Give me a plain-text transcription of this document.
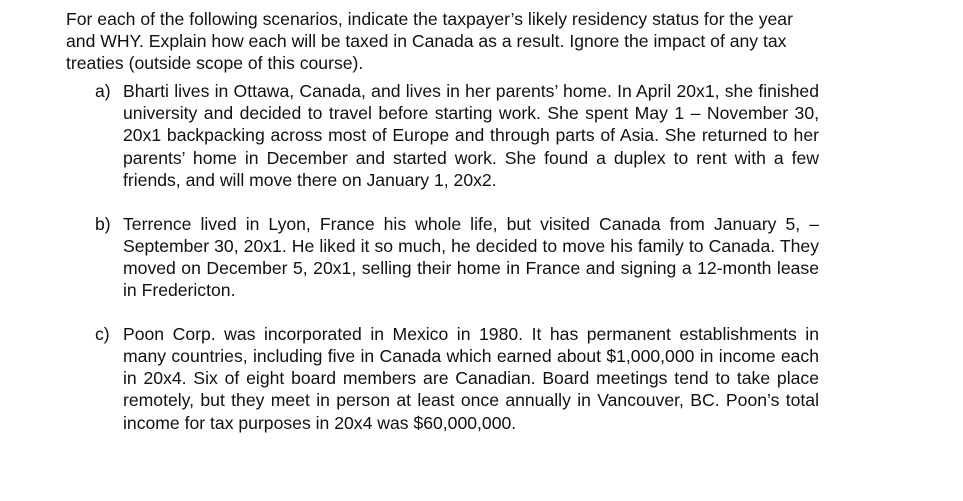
For each of the following scenarios, indicate the taxpayer’s likely residency status for the year and WHY. Explain how each will be taxed in Canada as a result. Ignore the impact of any tax treaties (outside scope of this course).

a) Bharti lives in Ottawa, Canada, and lives in her parents’ home. In April 20x1, she finished university and decided to travel before starting work. She spent May 1 – November 30, 20x1 backpacking across most of Europe and through parts of Asia. She returned to her parents’ home in December and started work. She found a duplex to rent with a few friends, and will move there on January 1, 20x2.
b) Terrence lived in Lyon, France his whole life, but visited Canada from January 5, – September 30, 20x1. He liked it so much, he decided to move his family to Canada. They moved on December 5, 20x1, selling their home in France and signing a 12-month lease in Fredericton.
c) Poon Corp. was incorporated in Mexico in 1980. It has permanent establishments in many countries, including five in Canada which earned about $1,000,000 in income each in 20x4. Six of eight board members are Canadian. Board meetings tend to take place remotely, but they meet in person at least once annually in Vancouver, BC. Poon’s total income for tax purposes in 20x4 was $60,000,000.
